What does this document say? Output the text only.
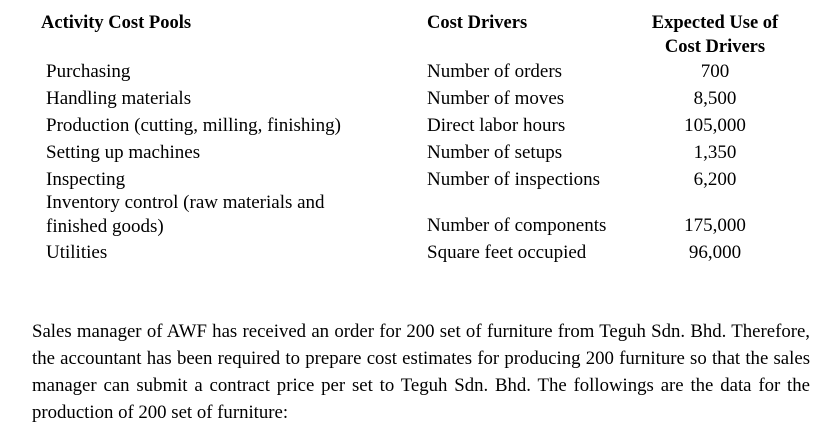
Activity Cost Pools	Cost Drivers	Expected Use of
Cost Drivers
Purchasing	Number of orders	700
Handling materials	Number of moves	8,500
Production (cutting, milling, finishing)	Direct labor hours	105,000
Setting up machines	Number of setups	1,350
Inspecting	Number of inspections	6,200
Inventory control (raw materials and finished goods)	Number of components	175,000
Utilities	Square feet occupied	96,000

Sales manager of AWF has received an order for 200 set of furniture from Teguh Sdn. Bhd. Therefore, the accountant has been required to prepare cost estimates for producing 200 furniture so that the sales manager can submit a contract price per set to Teguh Sdn. Bhd. The followings are the data for the production of 200 set of furniture:
